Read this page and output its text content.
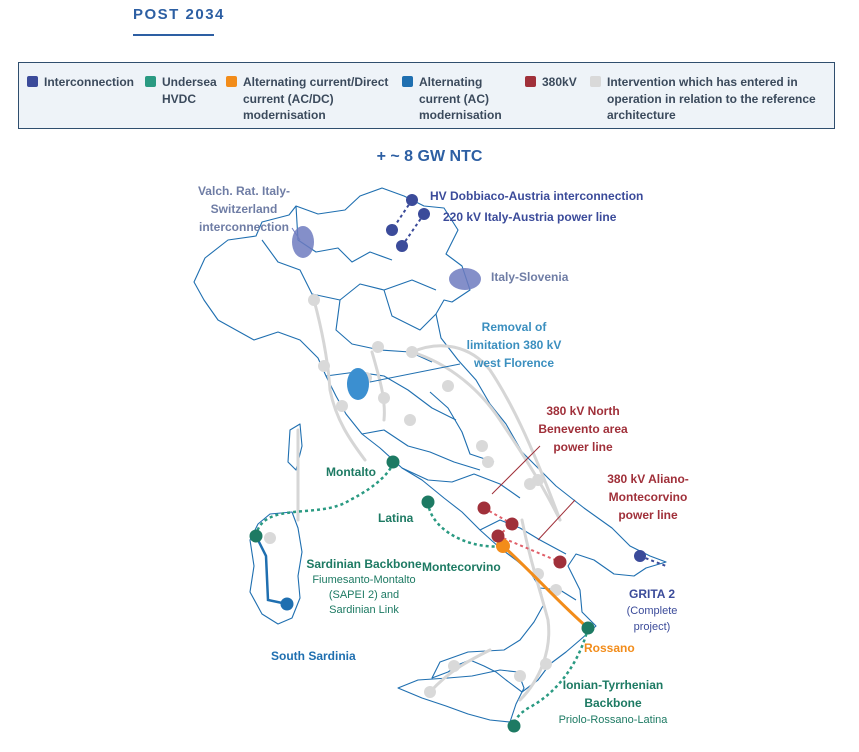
POST 2034
Interconnection	Undersea HVDC
Alternating current/Direct current (AC/DC) modernisation
Alternating current (AC) modernisation
380kV	Intervention which has entered in operation in relation to the reference architecture
+ ~ 8 GW NTC
Valch. Rat. Italy-Switzerland interconnection
HV Dobbiaco-Austria interconnection
220 kV Italy-Austria power line
Italy-Slovenia
Removal of limitation 380 kV west Florence
380 kV North Benevento area power line
380 kV Aliano-Montecorvino power line
Montalto
Latina
Sardinian Backbone
Fiumesanto-Montalto (SAPEI 2) and Sardinian Link
Montecorvino
South Sardinia
GRITA 2
(Complete project)
Rossano
Ionian-Tyrrhenian Backbone
Priolo-Rossano-Latina
